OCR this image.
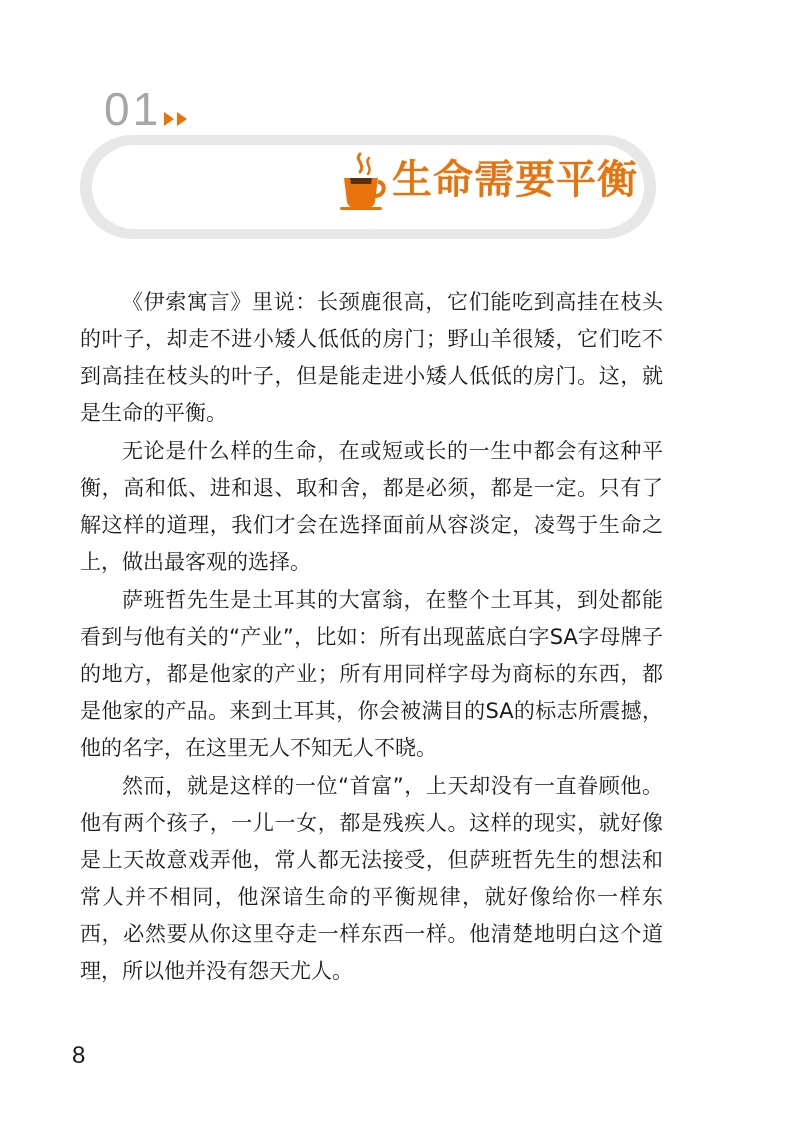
01
生命需要平衡

《伊索寓言》里说：长颈鹿很高，它们能吃到高挂在枝头的叶子，却走不进小矮人低低的房门；野山羊很矮，它们吃不到高挂在枝头的叶子，但是能走进小矮人低低的房门。这，就是生命的平衡。

无论是什么样的生命，在或短或长的一生中都会有这种平衡，高和低、进和退、取和舍，都是必须，都是一定。只有了解这样的道理，我们才会在选择面前从容淡定，凌驾于生命之上，做出最客观的选择。

萨班哲先生是土耳其的大富翁，在整个土耳其，到处都能看到与他有关的“产业”，比如：所有出现蓝底白字SA字母牌子的地方，都是他家的产业；所有用同样字母为商标的东西，都是他家的产品。来到土耳其，你会被满目的SA的标志所震撼，他的名字，在这里无人不知无人不晓。

然而，就是这样的一位“首富”，上天却没有一直眷顾他。他有两个孩子，一儿一女，都是残疾人。这样的现实，就好像是上天故意戏弄他，常人都无法接受，但萨班哲先生的想法和常人并不相同，他深谙生命的平衡规律，就好像给你一样东西，必然要从你这里夺走一样东西一样。他清楚地明白这个道理，所以他并没有怨天尤人。

8
